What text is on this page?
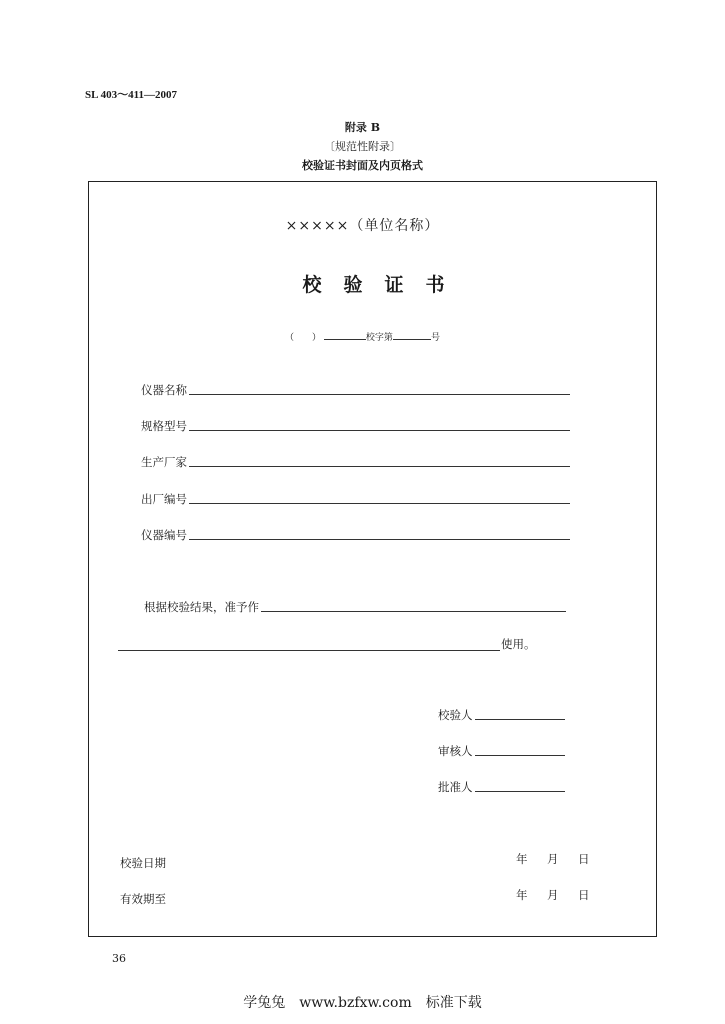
SL 403～411—2007
附录 B
〔规范性附录〕
校验证书封面及内页格式
×××××（单位名称）
校验证书
（　　）	校字第	号
仪器名称
规格型号
生产厂家
出厂编号
仪器编号
根据校验结果，准予作
使用。
校验人
审核人
批准人
校验日期	年　月　日
有效期至	年　月　日
36
学兔兔　www.bzfxw.com　标准下载
